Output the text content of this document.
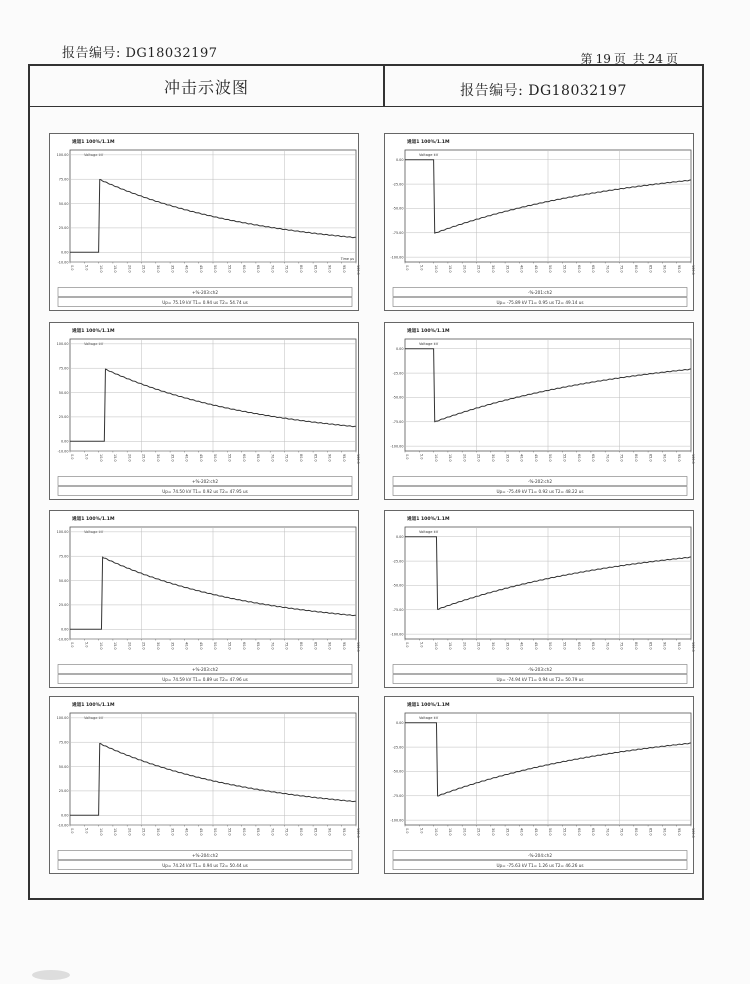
报告编号: DG18032197	第 19 页 共 24 页
冲击示波图	报告编号: DG18032197
通道1 100%/1.1M
Voltage kV
-10.00
0.00
25.00
50.00
75.00
100.00
0.0	5.0	10.0	15.0	20.0	25.0	30.0	35.0	40.0	45.0	50.0	55.0	60.0	65.0	70.0	75.0	80.0	85.0	90.0	95.0	100.0
Time μs
+%-203:ch2
Up= 75.19 kV T1= 0.94 us T2= 54.74 us
通道1 100%/1.1M
Voltage kV
-100.00
-75.00
-50.00
-25.00
0.00
0.0	5.0	10.0	15.0	20.0	25.0	30.0	35.0	40.0	45.0	50.0	55.0	60.0	65.0	70.0	75.0	80.0	85.0	90.0	95.0	100.0
-%-201:ch2
Up= -75.89 kV T1= 0.95 us T2= 49.14 us
通道1 100%/1.1M
Voltage kV
-10.00
0.00
25.00
50.00
75.00
100.00
0.0	5.0	10.0	15.0	20.0	25.0	30.0	35.0	40.0	45.0	50.0	55.0	60.0	65.0	70.0	75.0	80.0	85.0	90.0	95.0	100.0
+%-202:ch2
Up= 74.50 kV T1= 0.92 us T2= 47.95 us
通道1 100%/1.1M
Voltage kV
-100.00
-75.00
-50.00
-25.00
0.00
0.0	5.0	10.0	15.0	20.0	25.0	30.0	35.0	40.0	45.0	50.0	55.0	60.0	65.0	70.0	75.0	80.0	85.0	90.0	95.0	100.0
-%-202:ch2
Up= -75.49 kV T1= 0.92 us T2= 48.22 us
通道1 100%/1.1M
Voltage kV
-10.00
0.00
25.00
50.00
75.00
100.00
0.0	5.0	10.0	15.0	20.0	25.0	30.0	35.0	40.0	45.0	50.0	55.0	60.0	65.0	70.0	75.0	80.0	85.0	90.0	95.0	100.0
+%-203:ch2
Up= 74.59 kV T1= 0.89 us T2= 47.96 us
通道1 100%/1.1M
Voltage kV
-100.00
-75.00
-50.00
-25.00
0.00
0.0	5.0	10.0	15.0	20.0	25.0	30.0	35.0	40.0	45.0	50.0	55.0	60.0	65.0	70.0	75.0	80.0	85.0	90.0	95.0	100.0
-%-203:ch2
Up= -74.94 kV T1= 0.94 us T2= 50.79 us
通道1 100%/1.1M
Voltage kV
-10.00
0.00
25.00
50.00
75.00
100.00
0.0	5.0	10.0	15.0	20.0	25.0	30.0	35.0	40.0	45.0	50.0	55.0	60.0	65.0	70.0	75.0	80.0	85.0	90.0	95.0	100.0
+%-204:ch2
Up= 74.24 kV T1= 0.94 us T2= 50.44 us
通道1 100%/1.1M
Voltage kV
-100.00
-75.00
-50.00
-25.00
0.00
0.0	5.0	10.0	15.0	20.0	25.0	30.0	35.0	40.0	45.0	50.0	55.0	60.0	65.0	70.0	75.0	80.0	85.0	90.0	95.0	100.0
-%-204:ch2
Up= -75.63 kV T1= 1.26 us T2= 46.26 us
